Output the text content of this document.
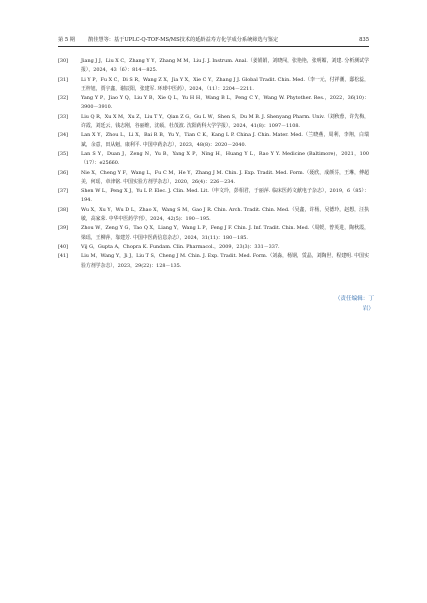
第 5 期	鹊佳慧等：基于UPLC-Q-TOF-MS/MS技术的延龄益寿方化学成分系统筛选与鉴定	835
[30]	Jiang J J，Liu X C，Zhang Y Y，Zhang M M，Liu J. J. Instrum. Anal.（姜娟娟，刘晓闯，张艳艳，张明媚，刘建. 分析测试学报），2024，43（6）：814－825.
[31]	Li Y P，Fu X C，Di S R，Wang Z X，Jia Y X，Xie C Y，Zhang J J. Global Tradit. Chin. Med.（李一元，付祥潮，邸松蕊，王梓旭，贾宇鑫，谢辰阳，张建军. 环球中医药），2024，（11）：2204－2211.
[32]	Yang Y P，Jiao Y Q，Liu Y B，Xie Q L，Yu H H，Wang B L，Peng C Y，Wang W. Phytother. Res.，2022，36(10)：3900－3910.
[33]	Liu Q R，Xu X M，Xu Z，Liu T Y，Qian Z G，Gu L W，Shen S，Du M B. J. Shenyang Pharm. Univ.（刘秋蓉，许先梅，许霞，刘廷云，钱志刚，谷丽维，沈硕，杜茂波. 沈阳药科大学学报），2024，41(8)：1097－1108.
[34]	Lan X Y，Zhou L，Li X，Bai R B，Yu Y，Tian C K，Kang L P. China J. Chin. Mater. Med.（兰晓燕，周利，李翔，白瑞斌，余意，田从魁，康利平. 中国中药杂志），2023，48(8)：2020－2040.
[35]	Lan S Y，Duan J，Zeng N，Yu B，Yang X P，Ning H，Huang Y L，Rao Y Y. Medicine (Baltimore)，2021，100（17）：e25660.
[36]	Nie X，Cheng Y F，Wang L，Fu C M，He Y，Zhang J M. Chin. J. Exp. Tradit. Med. Form.（聂欣，成颜芬，王琳，傅超美，何瑶，章津铭. 中国实验方剂学杂志），2020，26(4)：226－234.
[37]	Shen W L，Peng X J，Yu L P. Elec. J. Clin. Med. Lit.（申文玲，彭相君，于丽萍. 临床医药文献电子杂志），2019，6（85）：194.
[38]	Wu X，Xu Y，Wu D L，Zhao X，Wang S M，Gao J R. Chin. Arch. Tradit. Chin. Med.（吴鑫，许杨，吴德玲，赵想，汪执敏，高家荣. 中华中医药学刊），2024，42(5)：190－195.
[39]	Zhou W，Zeng Y G，Tao Q X，Liang Y，Wang L P，Feng J F. Chin. J. Inf. Tradit. Chin. Med.（周媛，曾英进，陶秋霞，梁瑶，王柳萍，靠建芳. 中国中医药信息杂志），2024，31(11)：180－185.
[40]	Vij G，Gupta A，Chopra K. Fundam. Clin. Pharmacol.，2009，23(3)：331－337.
[41]	Liu M，Wang Y，Ji J，Liu T S，Cheng J M. Chin. J. Exp. Tradit. Med. Form.（刘淼，杨钢，赁晶，刘陶世，程建明. 中国实验方剂学杂志），2023，29(22)：128－135.
（责任编辑：丁　岩）
